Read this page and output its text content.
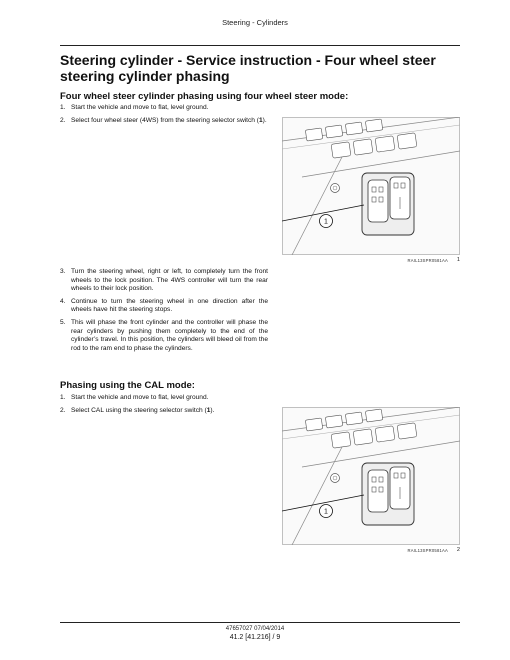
Steering - Cylinders
Steering cylinder - Service instruction - Four wheel steer steering cylinder phasing
Four wheel steer cylinder phasing using four wheel steer mode:
1. Start the vehicle and move to flat, level ground.
2. Select four wheel steer (4WS) from the steering selector switch (1).
3. Turn the steering wheel, right or left, to completely turn the front wheels to the lock position. The 4WS controller will turn the rear wheels to their lock position.
4. Continue to turn the steering wheel in one direction after the wheels have hit the steering stops.
5. This will phase the front cylinder and the controller will phase the rear cylinders by pushing them completely to the end of the cylinder’s travel. In this position, the cylinders will bleed oil from the rod to the ram end to phase the cylinders.
Phasing using the CAL mode:
1. Start the vehicle and move to flat, level ground.
2. Select CAL using the steering selector switch (1).
1
RAIL13SPR0581AA 1
1
RAIL13SPR0581AA 2
47657027 07/04/2014
41.2 [41.216] / 9
